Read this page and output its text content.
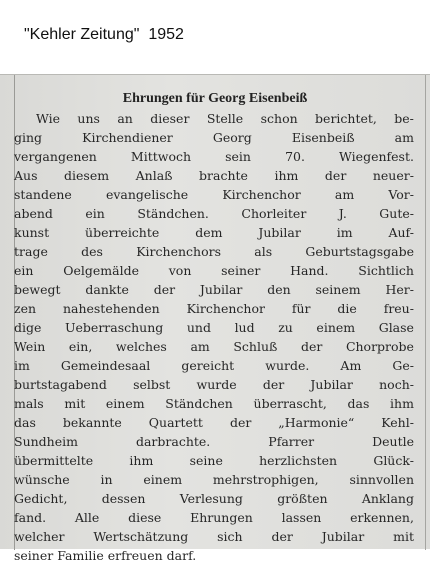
"Kehler Zeitung"  1952
Ehrungen für Georg Eisenbeiß
Wie uns an dieser Stelle schon berichtet, be-
ging	Kirchendiener	Georg	Eisenbeiß	am
vergangenen	Mittwoch	sein	70.	Wiegenfest.
Aus diesem Anlaß brachte ihm der neuer-
standene	evangelische	Kirchenchor	am	Vor-
abend	ein	Ständchen.	Chorleiter	J.	Gute-
kunst	überreichte	dem	Jubilar	im	Auf-
trage	des	Kirchenchors	als	Geburtstagsgabe
ein Oelgemälde von seiner Hand. Sichtlich
bewegt dankte der Jubilar den seinem Her-
zen nahestehenden Kirchenchor für die freu-
dige Ueberraschung und lud zu einem Glase
Wein ein, welches am Schluß der Chorprobe
im Gemeindesaal gereicht wurde. Am Ge-
burtstagabend selbst wurde der Jubilar noch-
mals mit einem Ständchen überrascht, das ihm
das bekannte Quartett der „Harmonie“ Kehl-
Sundheim	darbrachte.	Pfarrer	Deutle
übermittelte	ihm	seine	herzlichsten	Glück-
wünsche in einem mehrstrophigen, sinnvollen
Gedicht,	dessen	Verlesung	größten	Anklang
fand. Alle diese Ehrungen lassen erkennen,
welcher Wertschätzung sich der Jubilar mit
seiner Familie erfreuen darf.
